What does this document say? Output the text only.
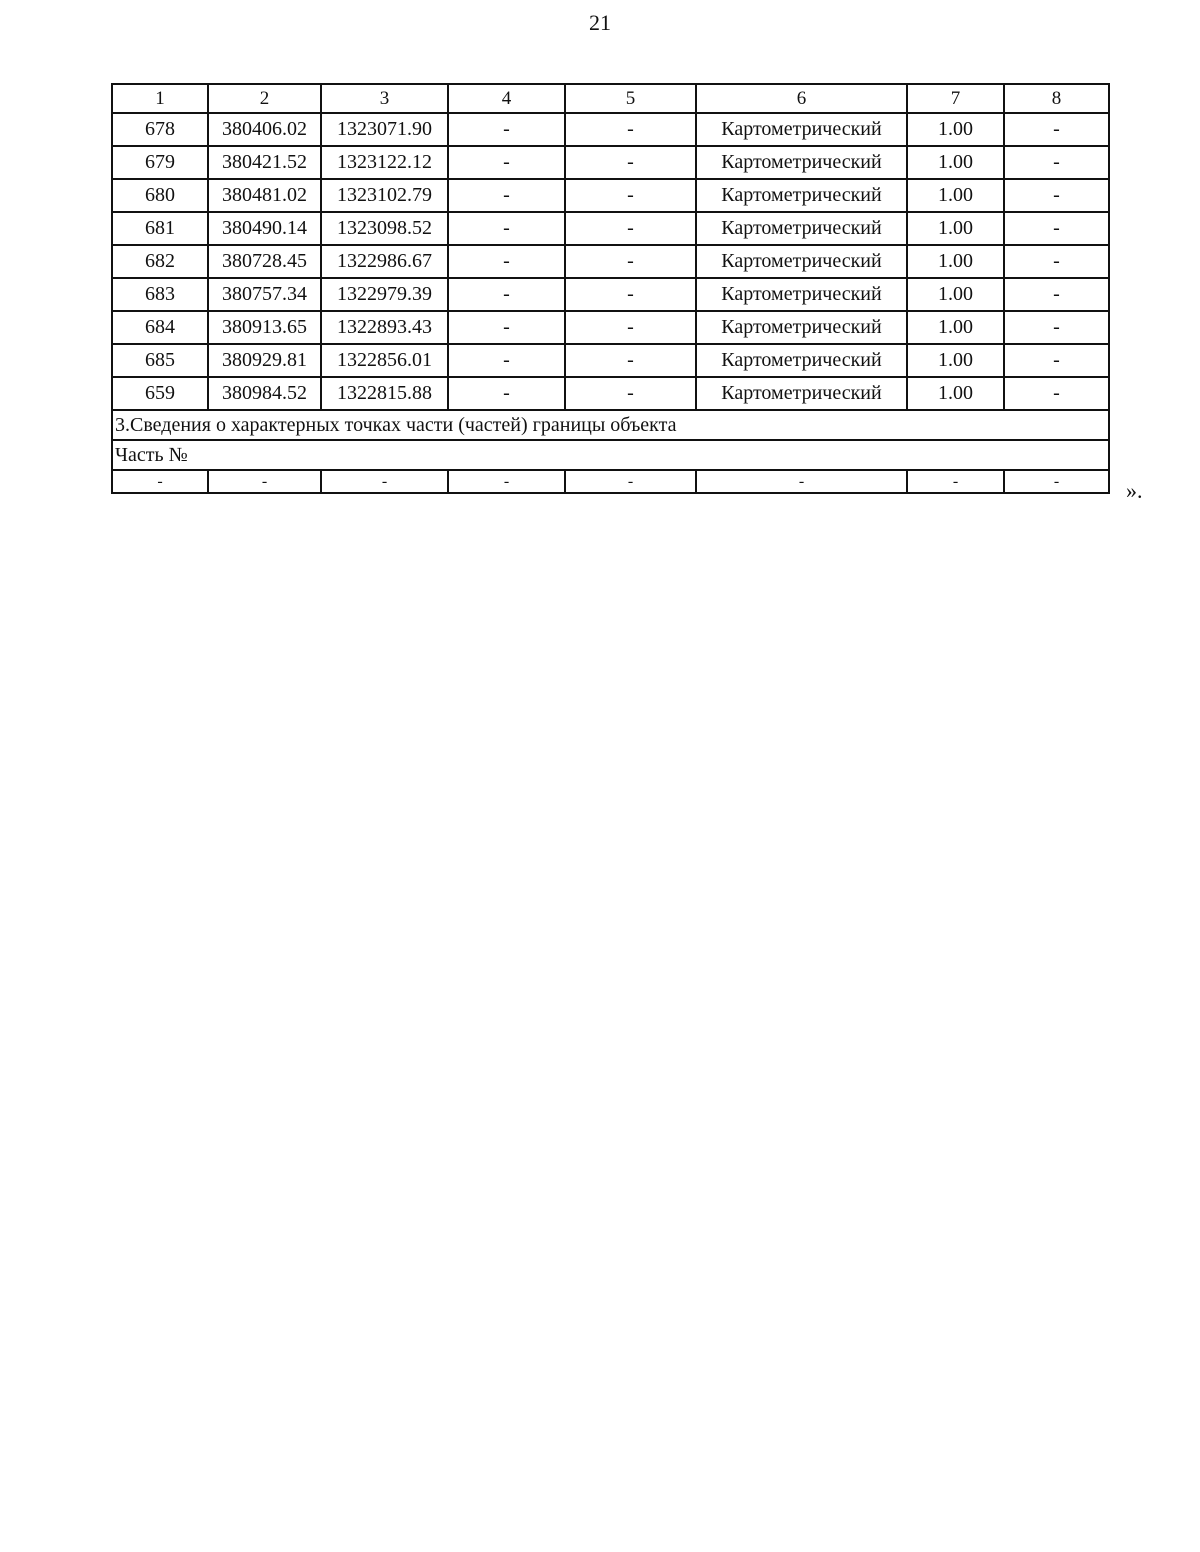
21
1	2	3	4	5	6	7	8
678	380406.02	1323071.90	-	-	Картометрический	1.00	-
679	380421.52	1323122.12	-	-	Картометрический	1.00	-
680	380481.02	1323102.79	-	-	Картометрический	1.00	-
681	380490.14	1323098.52	-	-	Картометрический	1.00	-
682	380728.45	1322986.67	-	-	Картометрический	1.00	-
683	380757.34	1322979.39	-	-	Картометрический	1.00	-
684	380913.65	1322893.43	-	-	Картометрический	1.00	-
685	380929.81	1322856.01	-	-	Картометрический	1.00	-
659	380984.52	1322815.88	-	-	Картометрический	1.00	-
3.Сведения о характерных точках части (частей) границы объекта							
Часть №							
-	-	-	-	-	-	-	-	».
